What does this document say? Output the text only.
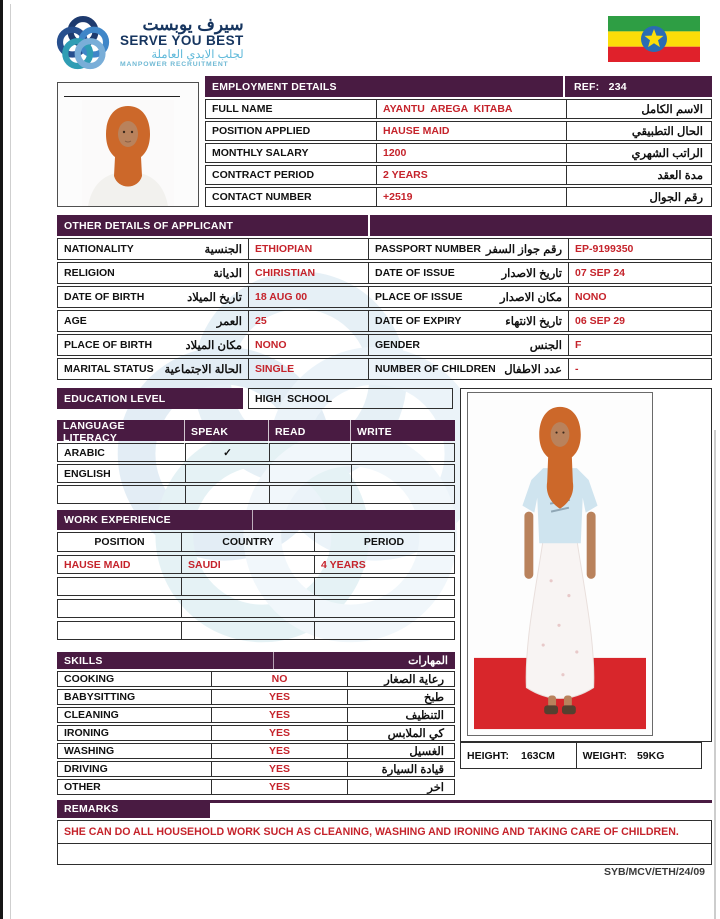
سيرف يوبست
SERVE YOU BEST
لجلب الايدي العاملة
MANPOWER RECRUITMENT
EMPLOYMENT DETAILS	REF:   234
FULL NAME	AYANTU  AREGA  KITABA	الاسم الكامل
POSITION APPLIED	HAUSE MAID	الحال التطبيقي
MONTHLY SALARY	1200	الراتب الشهري
CONTRACT PERIOD	2 YEARS	مدة العقد
CONTACT NUMBER	+2519	رقم الجوال
OTHER DETAILS OF APPLICANT
NATIONALITY	الجنسية	ETHIOPIAN	PASSPORT NUMBER رقم جواز السفر	EP-9199350
RELIGION	الديانة	CHIRISTIAN	DATE OF ISSUE	تاريخ الاصدار	07 SEP 24
DATE OF BIRTH	تاريخ الميلاد	18 AUG 00	PLACE OF ISSUE	مكان الاصدار	NONO
AGE	العمر	25	DATE OF EXPIRY	تاريخ الانتهاء	06 SEP 29
PLACE OF BIRTH	مكان الميلاد	NONO	GENDER	الجنس	F
MARITAL STATUS الحالة الاجتماعية	SINGLE	NUMBER OF CHILDREN عدد الاطفال	-
EDUCATION LEVEL	HIGH  SCHOOL
LANGUAGE LITERACY	SPEAK	READ	WRITE
ARABIC	✓
ENGLISH
WORK EXPERIENCE
POSITION	COUNTRY	PERIOD
HAUSE MAID	SAUDI	4 YEARS
SKILLS	المهارات
COOKING	NO	رعاية الصغار
BABYSITTING	YES	طبخ
CLEANING	YES	التنظيف
IRONING	YES	كي الملابس
WASHING	YES	الغسيل
DRIVING	YES	قيادة السيارة
OTHER	YES	اخر
HEIGHT: 163CM	WEIGHT: 59KG
REMARKS
SHE CAN DO ALL HOUSEHOLD WORK SUCH AS CLEANING, WASHING AND IRONING AND TAKING CARE OF CHILDREN.
SYB/MCV/ETH/24/09
